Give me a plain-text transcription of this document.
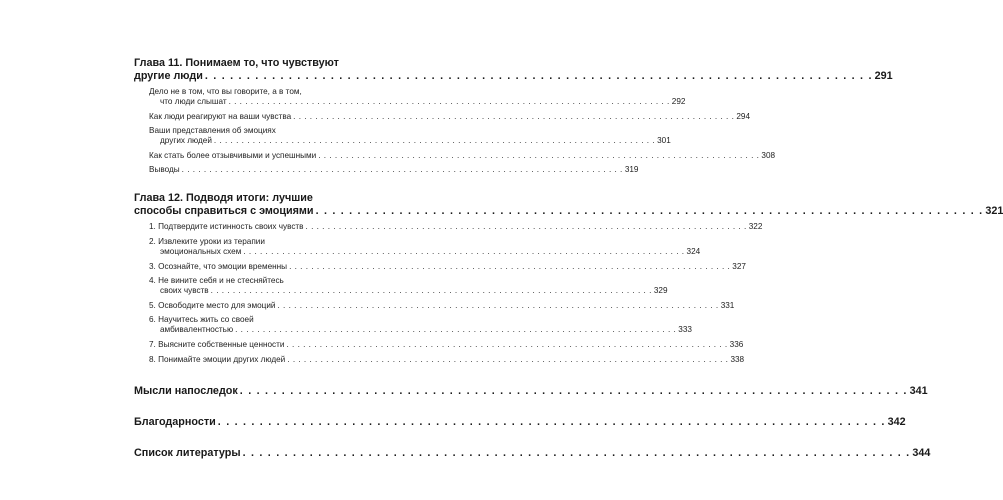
Глава 11. Понимаем то, что чувствуют
другие люди . . . . . . . . . . . . . . . . . . . . . . . . . . . . . . . . . . . . . . . . . . . . . . . . . . . . . . . . . . . . . . . . . . . . . . . . . . . . . . . . 291
Дело не в том, что вы говорите, а в том,
что люди слышат . . . . . . . . . . . . . . . . . . . . . . . . . . . . . . . . . . . . . . . . . . . . . . . . . . . . . . . . . . . . . . . . . . . . . . . . . . . . . . . . 292
Как люди реагируют на ваши чувства . . . . . . . . . . . . . . . . . . . . . . . . . . . . . . . . . . . . . . . . . . . . . . . . . . . . . . . . . . . . . . . . . . . . . . . . . . . . . . . . 294
Ваши представления об эмоциях
других людей . . . . . . . . . . . . . . . . . . . . . . . . . . . . . . . . . . . . . . . . . . . . . . . . . . . . . . . . . . . . . . . . . . . . . . . . . . . . . . . . 301
Как стать более отзывчивыми и успешными . . . . . . . . . . . . . . . . . . . . . . . . . . . . . . . . . . . . . . . . . . . . . . . . . . . . . . . . . . . . . . . . . . . . . . . . . . . . . . . . 308
Выводы . . . . . . . . . . . . . . . . . . . . . . . . . . . . . . . . . . . . . . . . . . . . . . . . . . . . . . . . . . . . . . . . . . . . . . . . . . . . . . . . 319
Глава 12. Подводя итоги: лучшие
способы справиться с эмоциями . . . . . . . . . . . . . . . . . . . . . . . . . . . . . . . . . . . . . . . . . . . . . . . . . . . . . . . . . . . . . . . . . . . . . . . . . . . . . . . . 321
1. Подтвердите истинность своих чувств . . . . . . . . . . . . . . . . . . . . . . . . . . . . . . . . . . . . . . . . . . . . . . . . . . . . . . . . . . . . . . . . . . . . . . . . . . . . . . . . 322
2. Извлеките уроки из терапии
эмоциональных схем . . . . . . . . . . . . . . . . . . . . . . . . . . . . . . . . . . . . . . . . . . . . . . . . . . . . . . . . . . . . . . . . . . . . . . . . . . . . . . . . 324
3. Осознайте, что эмоции временны . . . . . . . . . . . . . . . . . . . . . . . . . . . . . . . . . . . . . . . . . . . . . . . . . . . . . . . . . . . . . . . . . . . . . . . . . . . . . . . . 327
4. Не вините себя и не стесняйтесь
своих чувств . . . . . . . . . . . . . . . . . . . . . . . . . . . . . . . . . . . . . . . . . . . . . . . . . . . . . . . . . . . . . . . . . . . . . . . . . . . . . . . . 329
5. Освободите место для эмоций . . . . . . . . . . . . . . . . . . . . . . . . . . . . . . . . . . . . . . . . . . . . . . . . . . . . . . . . . . . . . . . . . . . . . . . . . . . . . . . . 331
6. Научитесь жить со своей
амбивалентностью . . . . . . . . . . . . . . . . . . . . . . . . . . . . . . . . . . . . . . . . . . . . . . . . . . . . . . . . . . . . . . . . . . . . . . . . . . . . . . . . 333
7. Выясните собственные ценности . . . . . . . . . . . . . . . . . . . . . . . . . . . . . . . . . . . . . . . . . . . . . . . . . . . . . . . . . . . . . . . . . . . . . . . . . . . . . . . . 336
8. Понимайте эмоции других людей . . . . . . . . . . . . . . . . . . . . . . . . . . . . . . . . . . . . . . . . . . . . . . . . . . . . . . . . . . . . . . . . . . . . . . . . . . . . . . . . 338
Мысли напоследок . . . . . . . . . . . . . . . . . . . . . . . . . . . . . . . . . . . . . . . . . . . . . . . . . . . . . . . . . . . . . . . . . . . . . . . . . . . . . . . . 341
Благодарности . . . . . . . . . . . . . . . . . . . . . . . . . . . . . . . . . . . . . . . . . . . . . . . . . . . . . . . . . . . . . . . . . . . . . . . . . . . . . . . . 342
Список литературы . . . . . . . . . . . . . . . . . . . . . . . . . . . . . . . . . . . . . . . . . . . . . . . . . . . . . . . . . . . . . . . . . . . . . . . . . . . . . . . . 344
